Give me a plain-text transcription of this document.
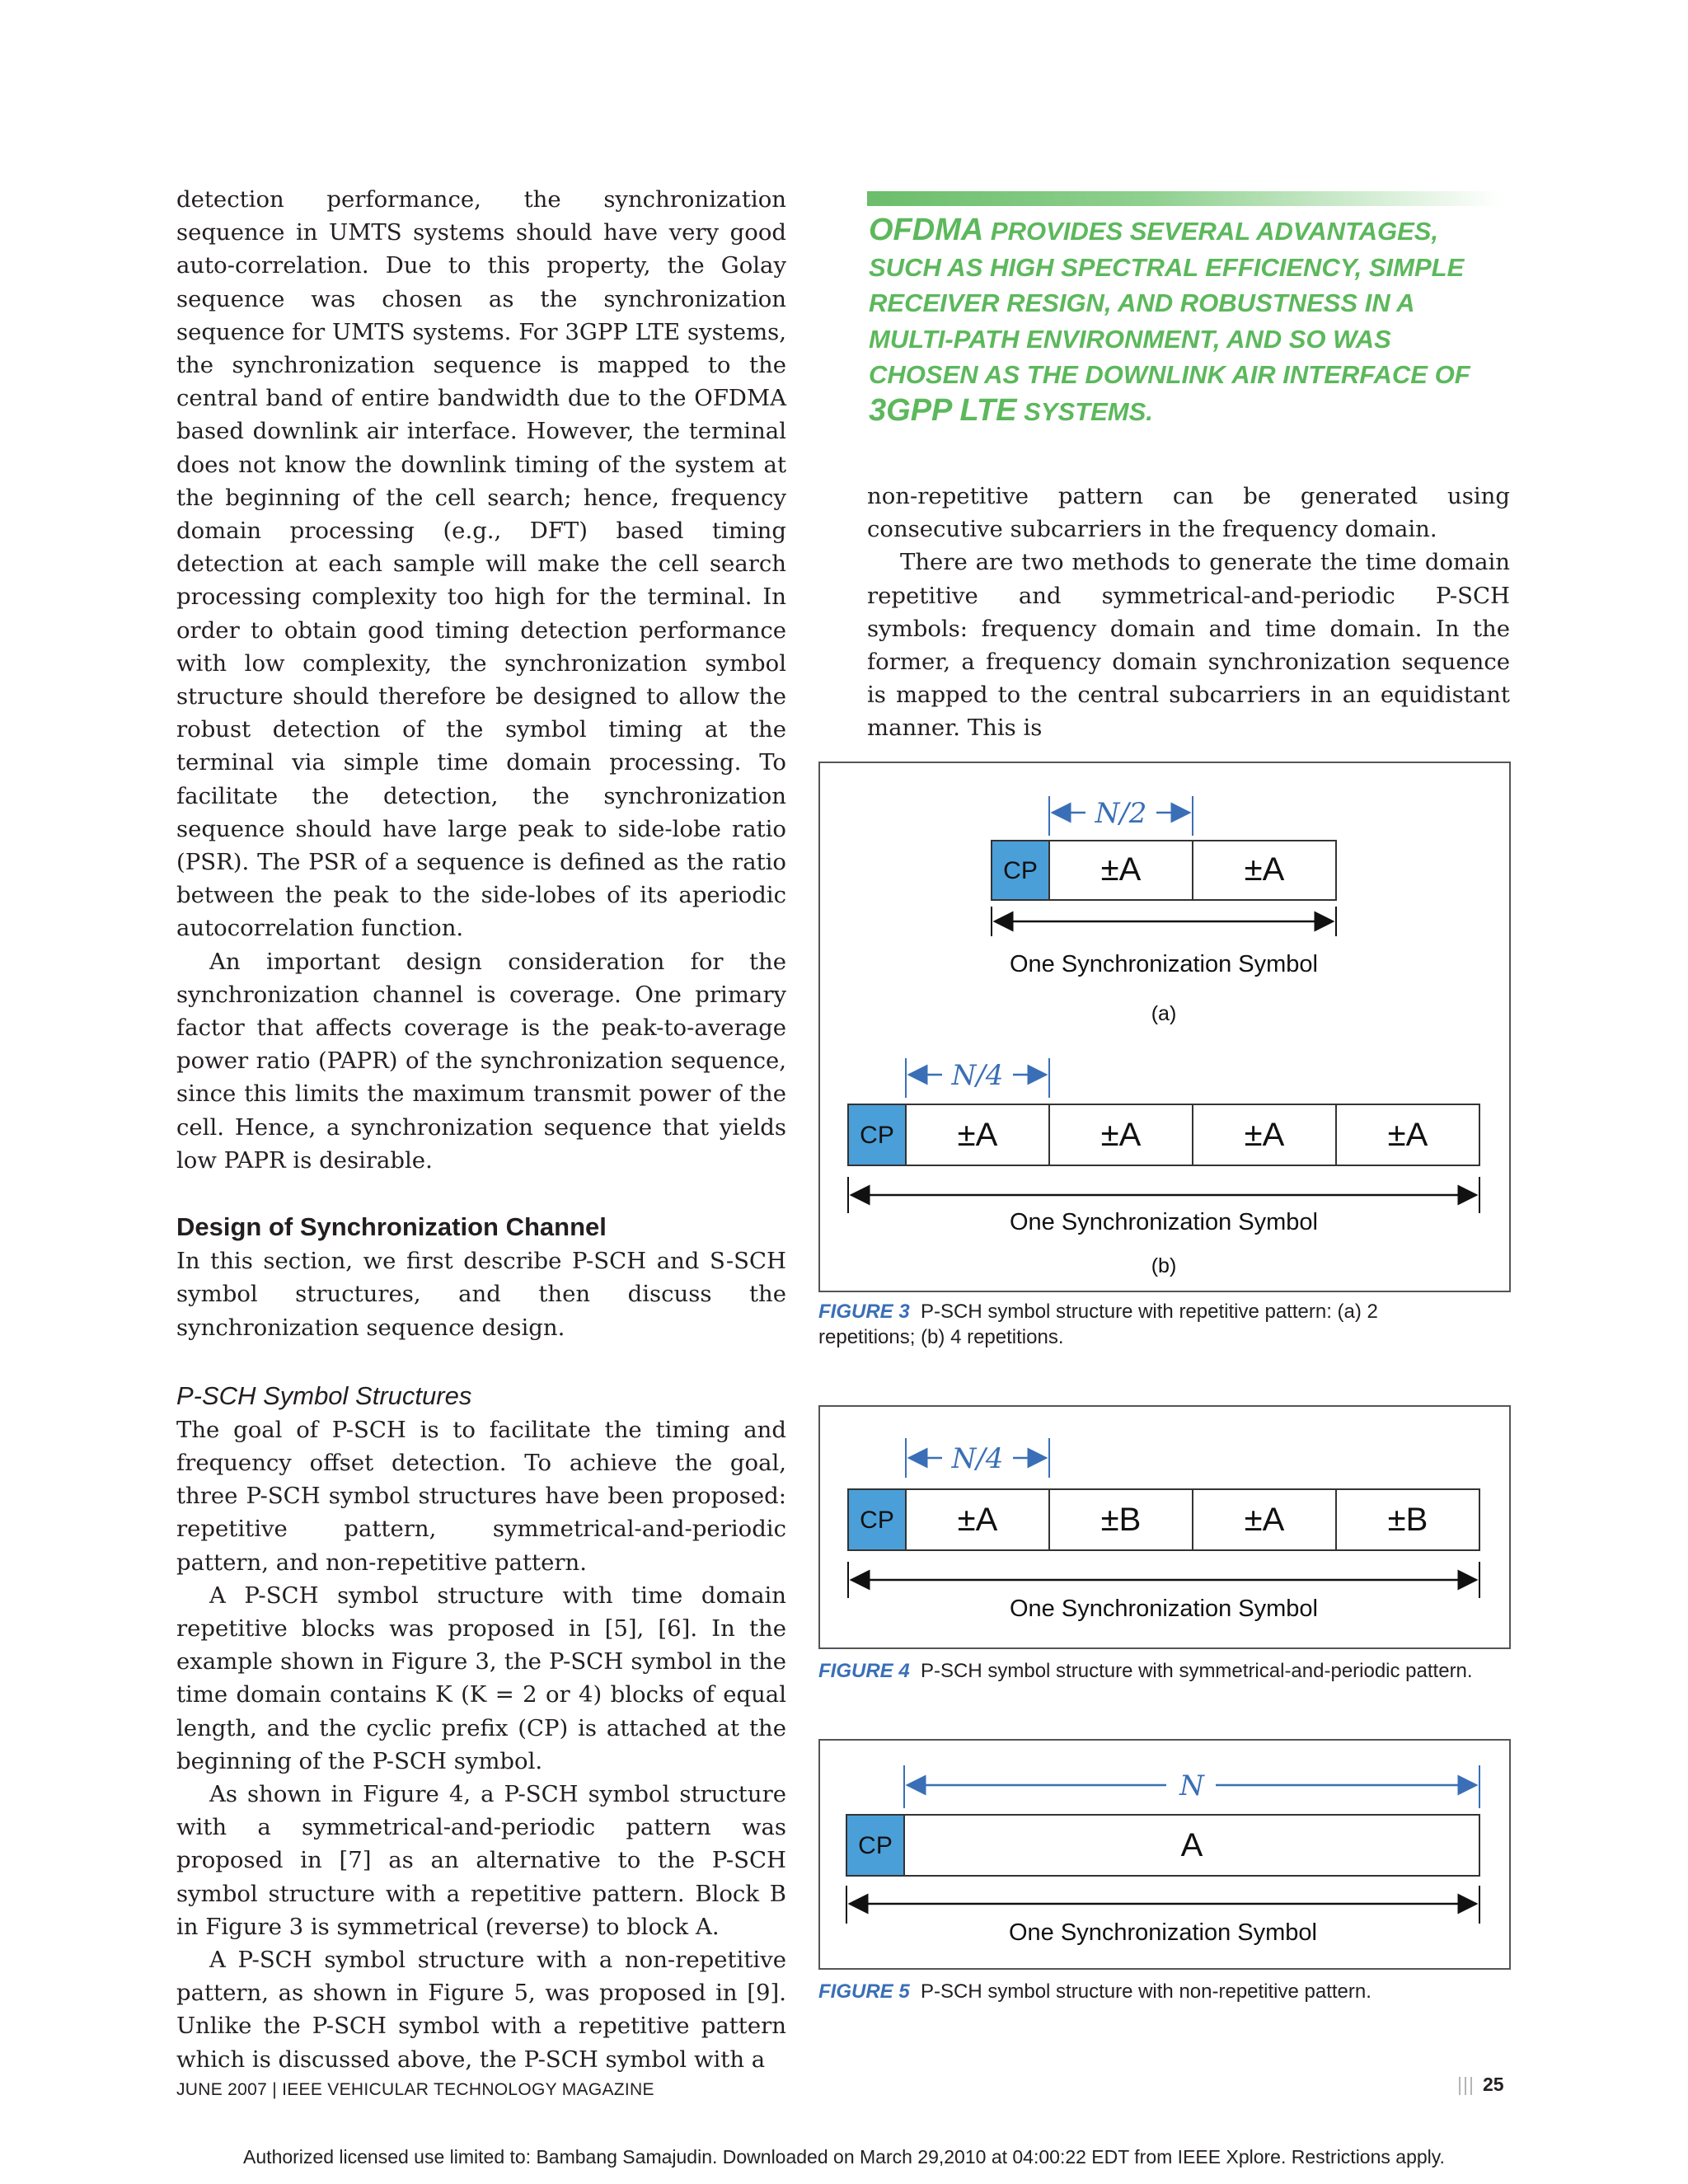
detection performance, the synchronization sequence in UMTS systems should have very good auto-correlation. Due to this property, the Golay sequence was chosen as the synchronization sequence for UMTS systems. For 3GPP LTE systems, the synchronization sequence is mapped to the central band of entire bandwidth due to the OFDMA based downlink air interface. However, the terminal does not know the downlink timing of the system at the beginning of the cell search; hence, frequency domain processing (e.g., DFT) based timing detection at each sample will make the cell search processing complexity too high for the terminal. In order to obtain good timing detection performance with low complexity, the synchronization symbol structure should therefore be designed to allow the robust detection of the symbol timing at the terminal via simple time domain processing. To facilitate the detection, the synchronization sequence should have large peak to side-lobe ratio (PSR). The PSR of a sequence is defined as the ratio between the peak to the side-lobes of its aperiodic autocorrelation function.

An important design consideration for the synchronization channel is coverage. One primary factor that affects coverage is the peak-to-average power ratio (PAPR) of the synchronization sequence, since this limits the maximum transmit power of the cell. Hence, a synchronization sequence that yields low PAPR is desirable.

Design of Synchronization Channel

In this section, we first describe P-SCH and S-SCH symbol structures, and then discuss the synchronization sequence design.

P-SCH Symbol Structures

The goal of P-SCH is to facilitate the timing and frequency offset detection. To achieve the goal, three P-SCH symbol structures have been proposed: repetitive pattern, symmetrical-and-periodic pattern, and non-repetitive pattern.

A P-SCH symbol structure with time domain repetitive blocks was proposed in [5], [6]. In the example shown in Figure 3, the P-SCH symbol in the time domain contains K (K = 2 or 4) blocks of equal length, and the cyclic prefix (CP) is attached at the beginning of the P-SCH symbol.

As shown in Figure 4, a P-SCH symbol structure with a symmetrical-and-periodic pattern was proposed in [7] as an alternative to the P-SCH symbol structure with a repetitive pattern. Block B in Figure 3 is symmetrical (reverse) to block A.

A P-SCH symbol structure with a non-repetitive pattern, as shown in Figure 5, was proposed in [9]. Unlike the P-SCH symbol with a repetitive pattern which is discussed above, the P-SCH symbol with a

OFDMA PROVIDES SEVERAL ADVANTAGES, SUCH AS HIGH SPECTRAL EFFICIENCY, SIMPLE RECEIVER RESIGN, AND ROBUSTNESS IN A MULTI-PATH ENVIRONMENT, AND SO WAS CHOSEN AS THE DOWNLINK AIR INTERFACE OF 3GPP LTE SYSTEMS.

non-repetitive pattern can be generated using consecutive subcarriers in the frequency domain.

There are two methods to generate the time domain repetitive and symmetrical-and-periodic P-SCH symbols: frequency domain and time domain. In the former, a frequency domain synchronization sequence is mapped to the central subcarriers in an equidistant manner. This is

N/2
CP ±A	±A
One Synchronization Symbol
(a)
N/4
CP ±A	±A	±A	±A
One Synchronization Symbol
(b)
FIGURE 3 P-SCH symbol structure with repetitive pattern: (a) 2 repetitions; (b) 4 repetitions.
N/4
CP ±A	±B	±A	±B
One Synchronization Symbol
FIGURE 4 P-SCH symbol structure with symmetrical-and-periodic pattern.
N
CP	A
One Synchronization Symbol
FIGURE 5 P-SCH symbol structure with non-repetitive pattern.
JUNE 2007 | IEEE VEHICULAR TECHNOLOGY MAGAZINE	||| 25
Authorized licensed use limited to: Bambang Samajudin. Downloaded on March 29,2010 at 04:00:22 EDT from IEEE Xplore. Restrictions apply.
